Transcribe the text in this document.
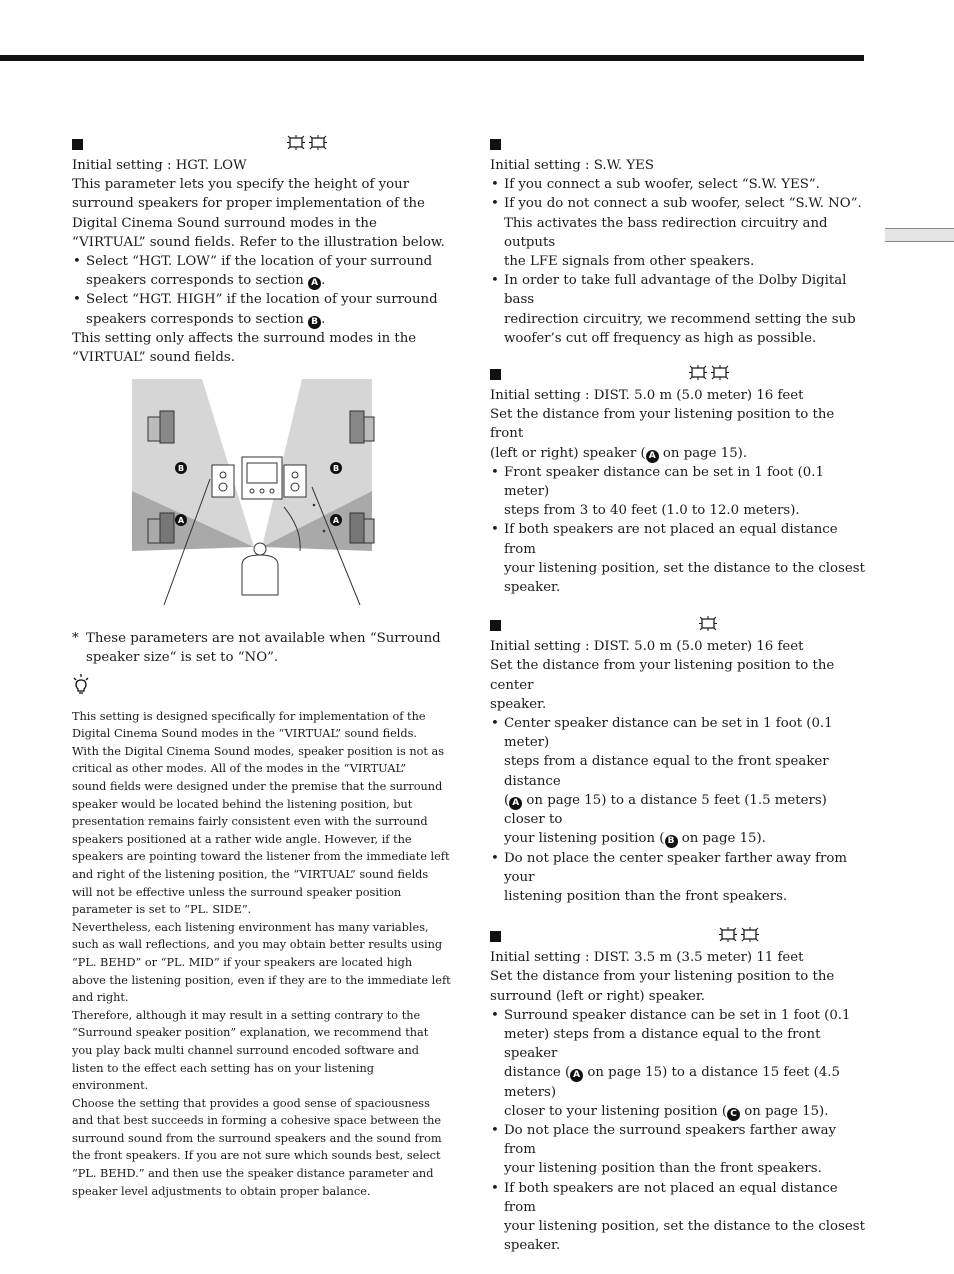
Initial setting : HGT. LOW

This parameter lets you specify the height of your

surround speakers for proper implementation of the

Digital Cinema Sound surround modes in the

“VIRTUAL” sound fields. Refer to the illustration below.

• Select “HGT. LOW” if the location of your surround
speakers corresponds to section A .
• Select “HGT. HIGH” if the location of your surround
speakers corresponds to section B .

This setting only affects the surround modes in the

“VIRTUAL” sound fields.

B	B
A	A
* These parameters are not available when “Surround
speaker size“ is set to “NO”.

This setting is designed specifically for implementation of the

Digital Cinema Sound modes in the “VIRTUAL” sound fields.

With the Digital Cinema Sound modes, speaker position is not as

critical as other modes. All of the modes in the “VIRTUAL”

sound fields were designed under the premise that the surround

speaker would be located behind the listening position, but

presentation remains fairly consistent even with the surround

speakers positioned at a rather wide angle. However, if the

speakers are pointing toward the listener from the immediate left

and right of the listening position, the “VIRTUAL” sound fields

will not be effective unless the surround speaker position

parameter is set to “PL. SIDE”.

Nevertheless, each listening environment has many variables,

such as wall reflections, and you may obtain better results using

“PL. BEHD” or “PL. MID” if your speakers are located high

above the listening position, even if they are to the immediate left

and right.

Therefore, although it may result in a setting contrary to the

“Surround speaker position” explanation, we recommend that

you play back multi channel surround encoded software and

listen to the effect each setting has on your listening environment.

Choose the setting that provides a good sense of spaciousness

and that best succeeds in forming a cohesive space between the

surround sound from the surround speakers and the sound from

the front speakers. If you are not sure which sounds best, select

“PL. BEHD.” and then use the speaker distance parameter and

speaker level adjustments to obtain proper balance.

Initial setting : S.W. YES

• If you connect a sub woofer, select “S.W. YES”.
• If you do not connect a sub woofer, select “S.W. NO”.
This activates the bass redirection circuitry and outputs
the LFE signals from other speakers.
• In order to take full advantage of the Dolby Digital bass
redirection circuitry, we recommend setting the sub
woofer’s cut off frequency as high as possible.

Initial setting : DIST. 5.0 m (5.0 meter) 16 feet

Set the distance from your listening position to the front

(left or right) speaker ( A on page 15).

• Front speaker distance can be set in 1 foot (0.1 meter)
steps from 3 to 40 feet (1.0 to 12.0 meters).
• If both speakers are not placed an equal distance from
your listening position, set the distance to the closest
speaker.

Initial setting : DIST. 5.0 m (5.0 meter) 16 feet

Set the distance from your listening position to the center

speaker.

• Center speaker distance can be set in 1 foot (0.1 meter)
steps from a distance equal to the front speaker distance
( A on page 15) to a distance 5 feet (1.5 meters) closer to
your listening position ( B on page 15).
• Do not place the center speaker farther away from your
listening position than the front speakers.

Initial setting : DIST. 3.5 m (3.5 meter) 11 feet

Set the distance from your listening position to the

surround (left or right) speaker.

• Surround speaker distance can be set in 1 foot (0.1
meter) steps from a distance equal to the front speaker
distance ( A on page 15) to a distance 15 feet (4.5 meters)
closer to your listening position ( C on page 15).
• Do not place the surround speakers farther away from
your listening position than the front speakers.
• If both speakers are not placed an equal distance from
your listening position, set the distance to the closest
speaker.
